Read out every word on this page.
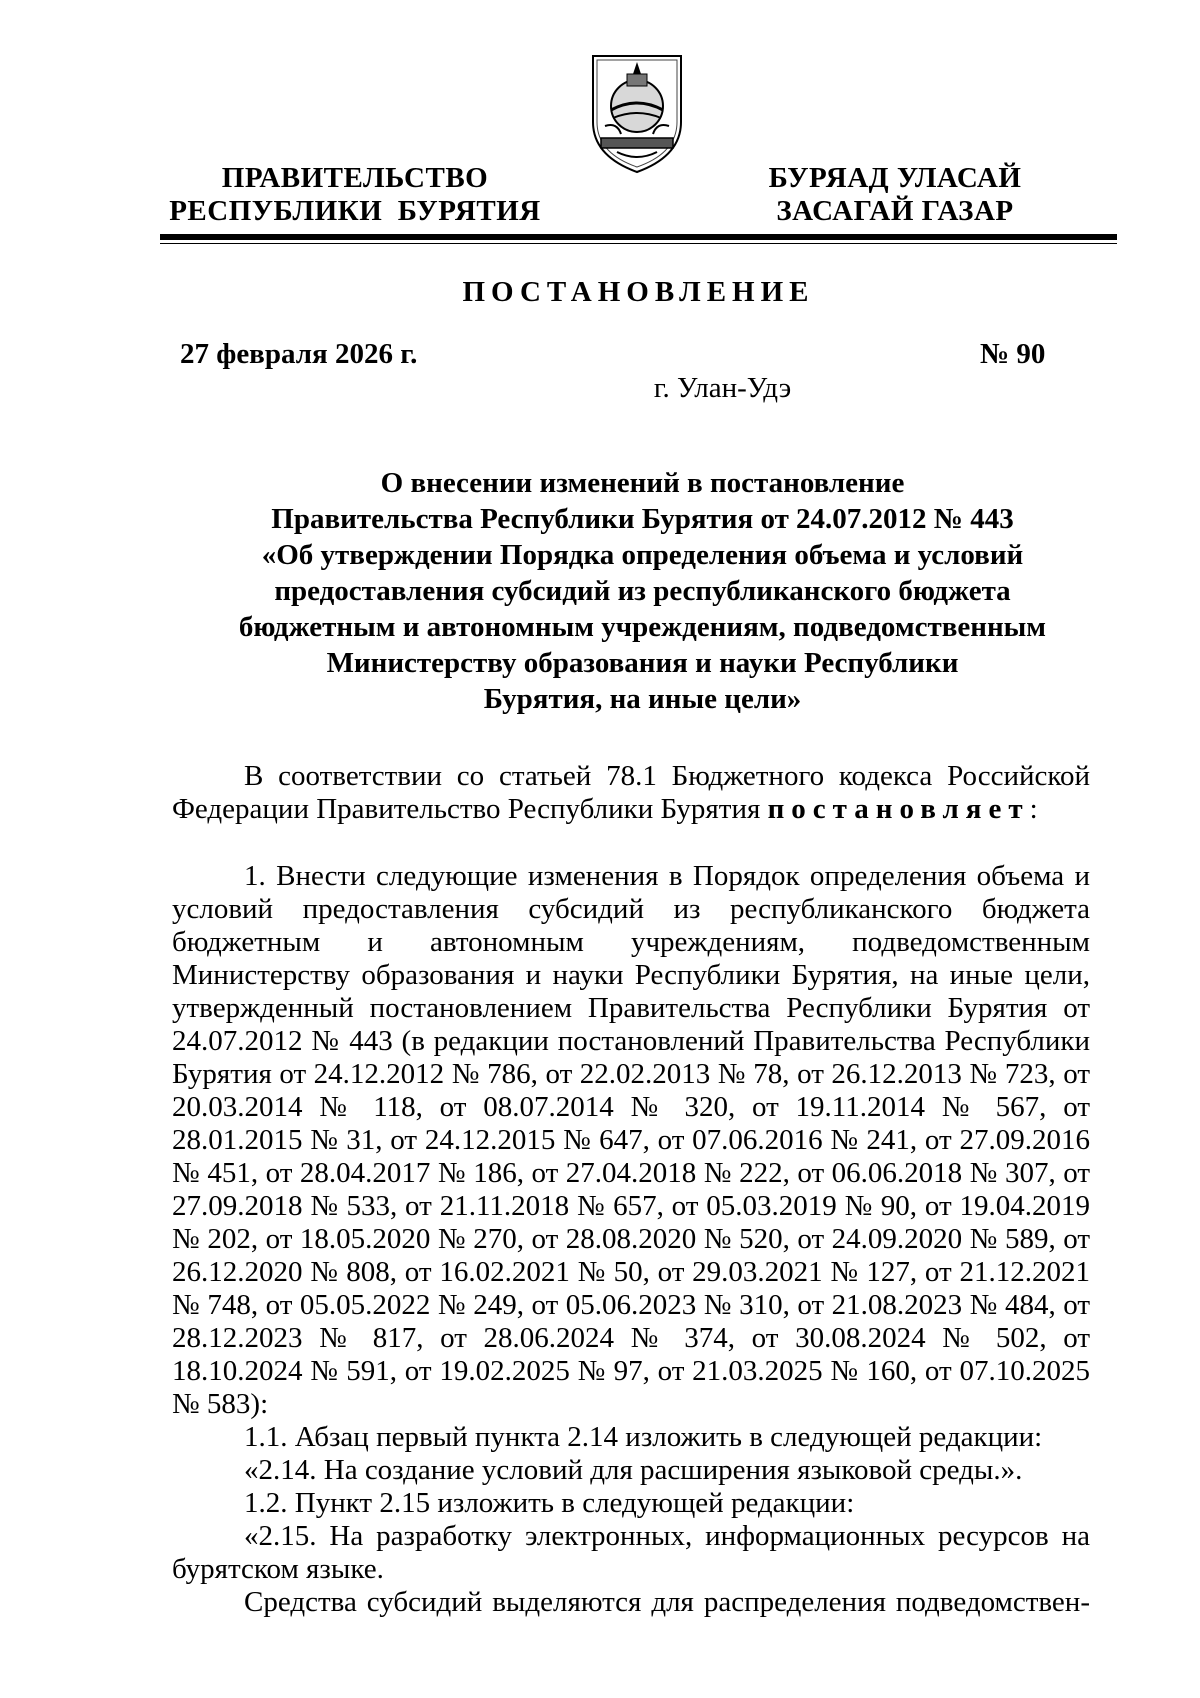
ПРАВИТЕЛЬСТВО
РЕСПУБЛИКИ  БУРЯТИЯ
БУРЯАД УЛАСАЙ
ЗАСАГАЙ ГАЗАР
ПОСТАНОВЛЕНИЕ
27 февраля 2026 г.	№ 90
г. Улан-Удэ
О внесении изменений в постановление
Правительства Республики Бурятия от 24.07.2012 № 443
«Об утверждении Порядка определения объема и условий
предоставления субсидий из республиканского бюджета
бюджетным и автономным учреждениям, подведомственным
Министерству образования и науки Республики
Бурятия, на иные цели»

В соответствии со статьей 78.1 Бюджетного кодекса Российской Федерации Правительство Республики Бурятия постановляет:

1. Внести следующие изменения в Порядок определения объема и условий предоставления субсидий из республиканского бюджета бюджетным и автономным учреждениям, подведомственным Министерству образования и науки Республики Бурятия, на иные цели, утвержденный постановлением Правительства Республики Бурятия от 24.07.2012 № 443 (в редакции постановлений Правительства Республики Бурятия от 24.12.2012 № 786, от 22.02.2013 № 78, от 26.12.2013 № 723, от 20.03.2014 № 118, от 08.07.2014 № 320, от 19.11.2014 № 567, от 28.01.2015 № 31, от 24.12.2015 № 647, от 07.06.2016 № 241, от 27.09.2016 № 451, от 28.04.2017 № 186, от 27.04.2018 № 222, от 06.06.2018 № 307, от 27.09.2018 № 533, от 21.11.2018 № 657, от 05.03.2019 № 90, от 19.04.2019 № 202, от 18.05.2020 № 270, от 28.08.2020 № 520, от 24.09.2020 № 589, от 26.12.2020 № 808, от 16.02.2021 № 50, от 29.03.2021 № 127, от 21.12.2021 № 748, от 05.05.2022 № 249, от 05.06.2023 № 310, от 21.08.2023 № 484, от 28.12.2023 № 817, от 28.06.2024 № 374, от 30.08.2024 № 502, от 18.10.2024 № 591, от 19.02.2025 № 97, от 21.03.2025 № 160, от 07.10.2025 № 583):

1.1. Абзац первый пункта 2.14 изложить в следующей редакции:

«2.14. На создание условий для расширения языковой среды.».

1.2. Пункт 2.15 изложить в следующей редакции:

«2.15. На разработку электронных, информационных ресурсов на бурятском языке.

Средства субсидий выделяются для распределения подведомствен-
